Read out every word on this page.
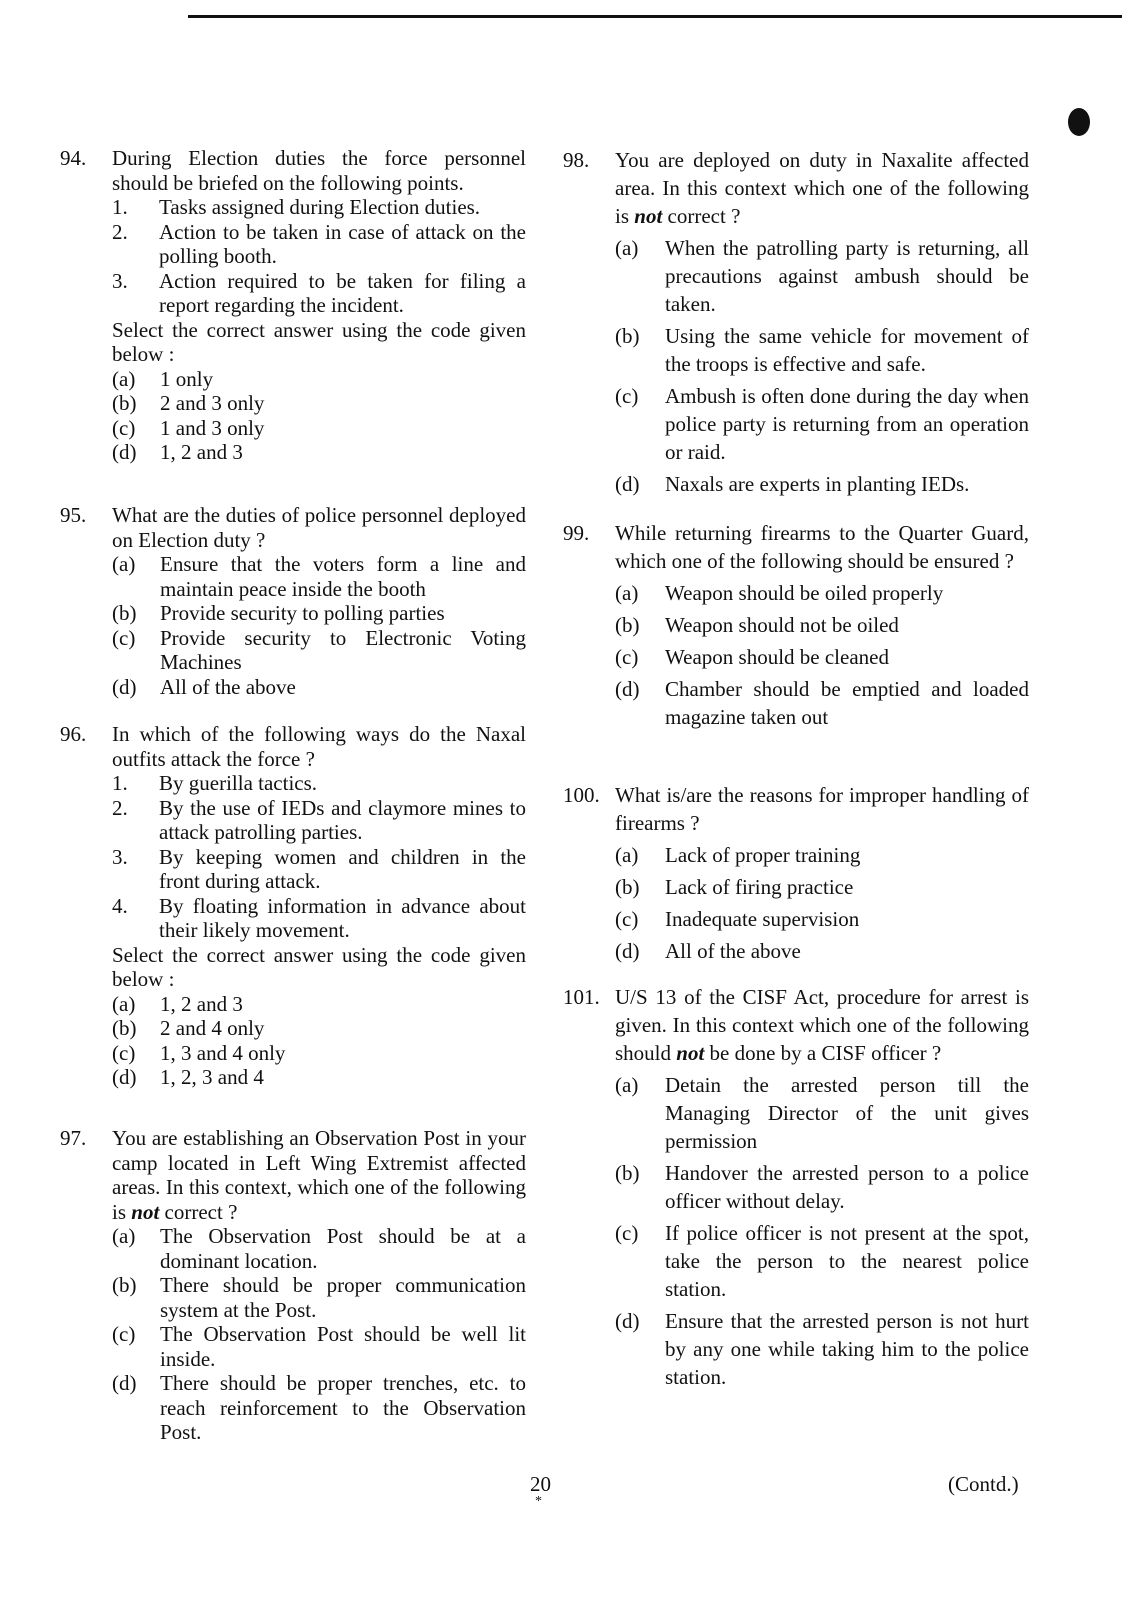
94.	During Election duties the force personnel should be briefed on the following points.
1.	Tasks assigned during Election duties.
2.	Action to be taken in case of attack on the polling booth.
3.	Action required to be taken for filing a report regarding the incident.
Select the correct answer using the code given below :
(a)	1 only
(b)	2 and 3 only
(c)	1 and 3 only
(d)	1, 2 and 3
95.	What are the duties of police personnel deployed on Election duty ?
(a)	Ensure that the voters form a line and maintain peace inside the booth
(b)	Provide security to polling parties
(c)	Provide security to Electronic Voting Machines
(d)	All of the above
96.	In which of the following ways do the Naxal outfits attack the force ?
1.	By guerilla tactics.
2.	By the use of IEDs and claymore mines to attack patrolling parties.
3.	By keeping women and children in the front during attack.
4.	By floating information in advance about their likely movement.
Select the correct answer using the code given below :
(a)	1, 2 and 3
(b)	2 and 4 only
(c)	1, 3 and 4 only
(d)	1, 2, 3 and 4
97.	You are establishing an Observation Post in your camp located in Left Wing Extremist affected areas. In this context, which one of the following is not correct ?
(a)	The Observation Post should be at a dominant location.
(b)	There should be proper communication system at the Post.
(c)	The Observation Post should be well lit inside.
(d)	There should be proper trenches, etc. to reach reinforcement to the Observation Post.
98.	You are deployed on duty in Naxalite affected area. In this context which one of the following is not correct ?
(a)	When the patrolling party is returning, all precautions against ambush should be taken.
(b)	Using the same vehicle for movement of the troops is effective and safe.
(c)	Ambush is often done during the day when police party is returning from an operation or raid.
(d)	Naxals are experts in planting IEDs.
99.	While returning firearms to the Quarter Guard, which one of the following should be ensured ?
(a)	Weapon should be oiled properly
(b)	Weapon should not be oiled
(c)	Weapon should be cleaned
(d)	Chamber should be emptied and loaded magazine taken out
100. What is/are the reasons for improper handling of firearms ?
(a)	Lack of proper training
(b)	Lack of firing practice
(c)	Inadequate supervision
(d)	All of the above
101. U/S 13 of the CISF Act, procedure for arrest is given. In this context which one of the following should not be done by a CISF officer ?
(a)	Detain the arrested person till the Managing Director of the unit gives permission
(b)	Handover the arrested person to a police officer without delay.
(c)	If police officer is not present at the spot, take the person to the nearest police station.
(d)	Ensure that the arrested person is not hurt by any one while taking him to the police station.
20
*
(Contd.)
